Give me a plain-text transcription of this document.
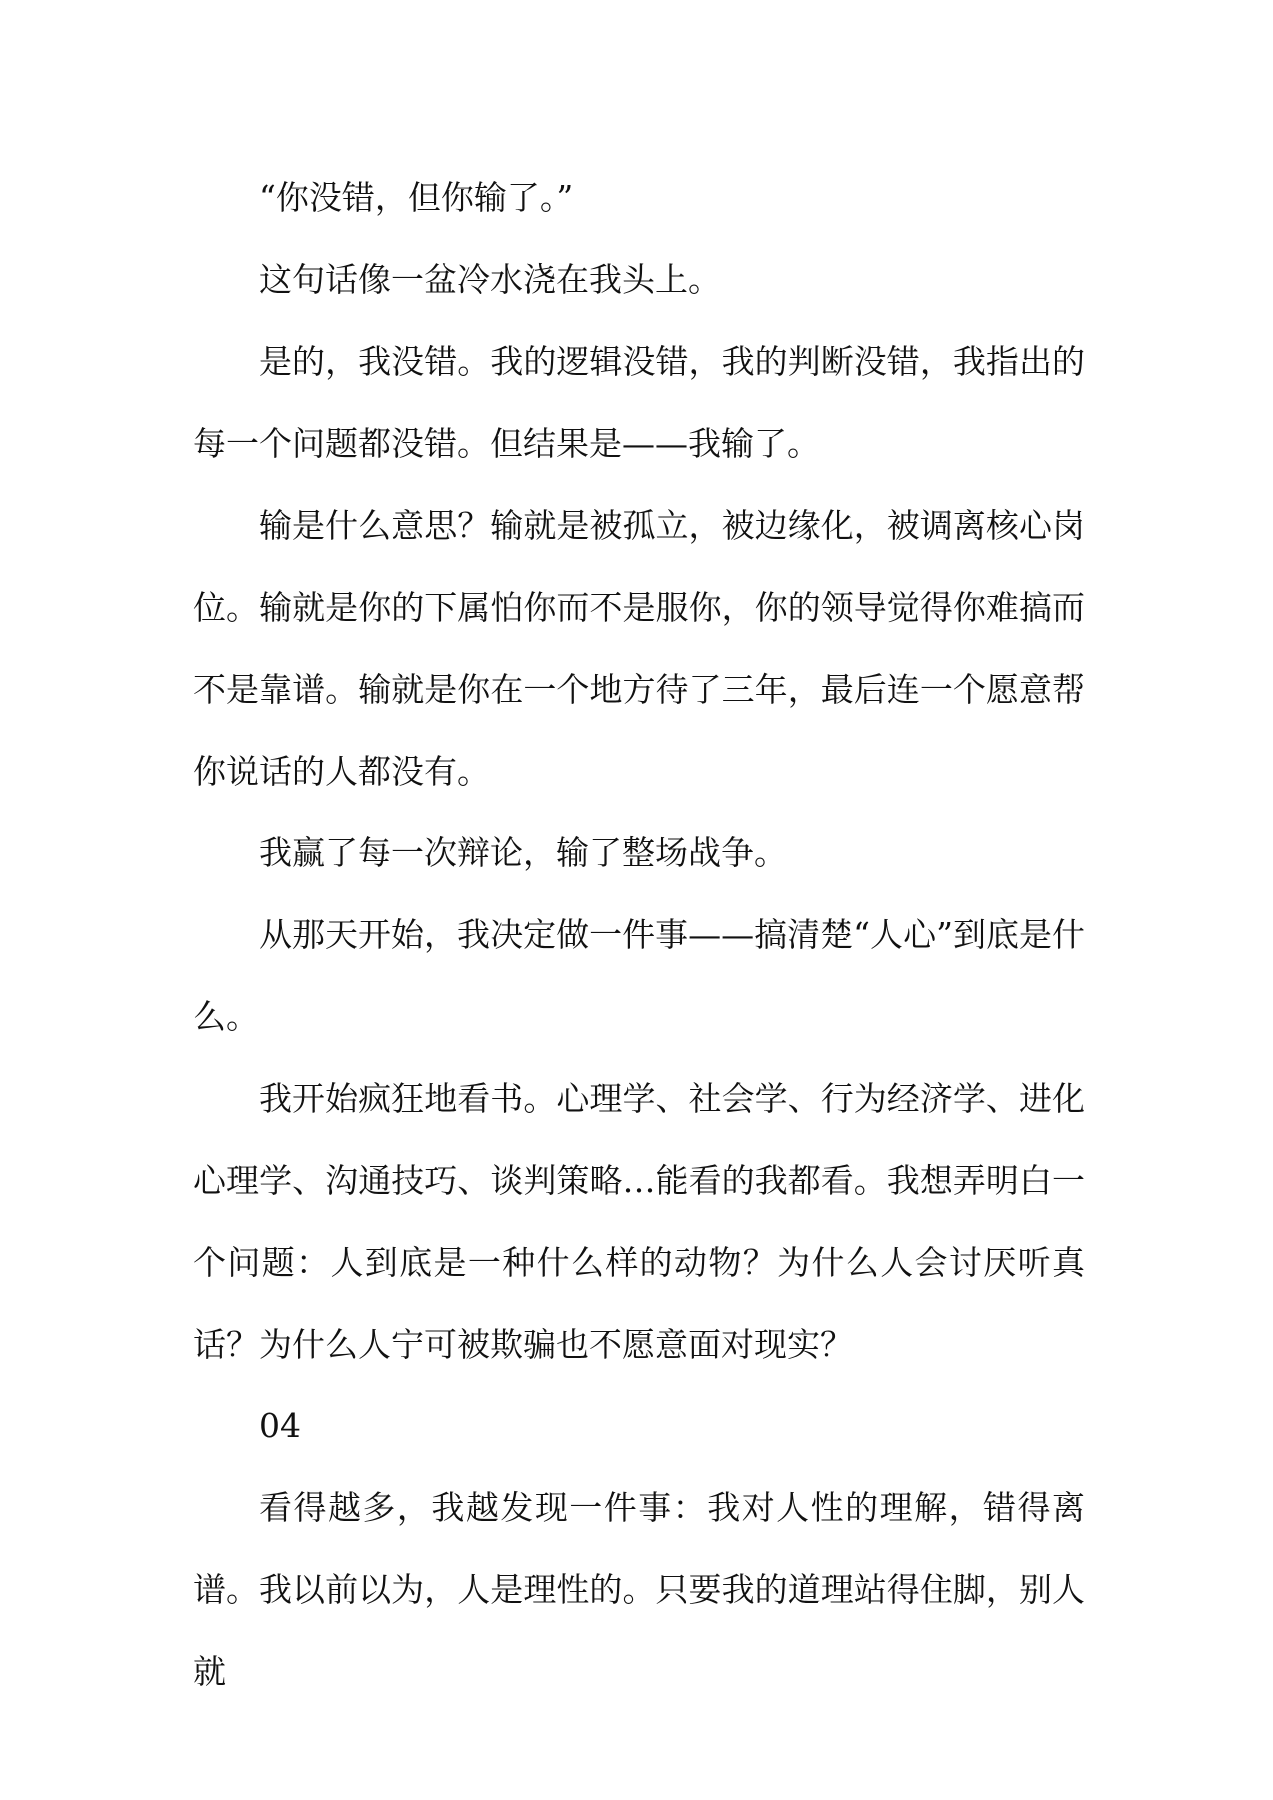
“你没错，但你输了。”

这句话像一盆冷水浇在我头上。

是的，我没错。我的逻辑没错，我的判断没错，我指出的每一个问题都没错。但结果是——我输了。

输是什么意思？输就是被孤立，被边缘化，被调离核心岗位。输就是你的下属怕你而不是服你，你的领导觉得你难搞而不是靠谱。输就是你在一个地方待了三年，最后连一个愿意帮你说话的人都没有。

我赢了每一次辩论，输了整场战争。

从那天开始，我决定做一件事——搞清楚“人心”到底是什么。

我开始疯狂地看书。心理学、社会学、行为经济学、进化心理学、沟通技巧、谈判策略…能看的我都看。我想弄明白一个问题：人到底是一种什么样的动物？为什么人会讨厌听真话？为什么人宁可被欺骗也不愿意面对现实？

04

看得越多，我越发现一件事：我对人性的理解，错得离谱。 我以前以为，人是理性的。只要我的道理站得住脚，别人就
